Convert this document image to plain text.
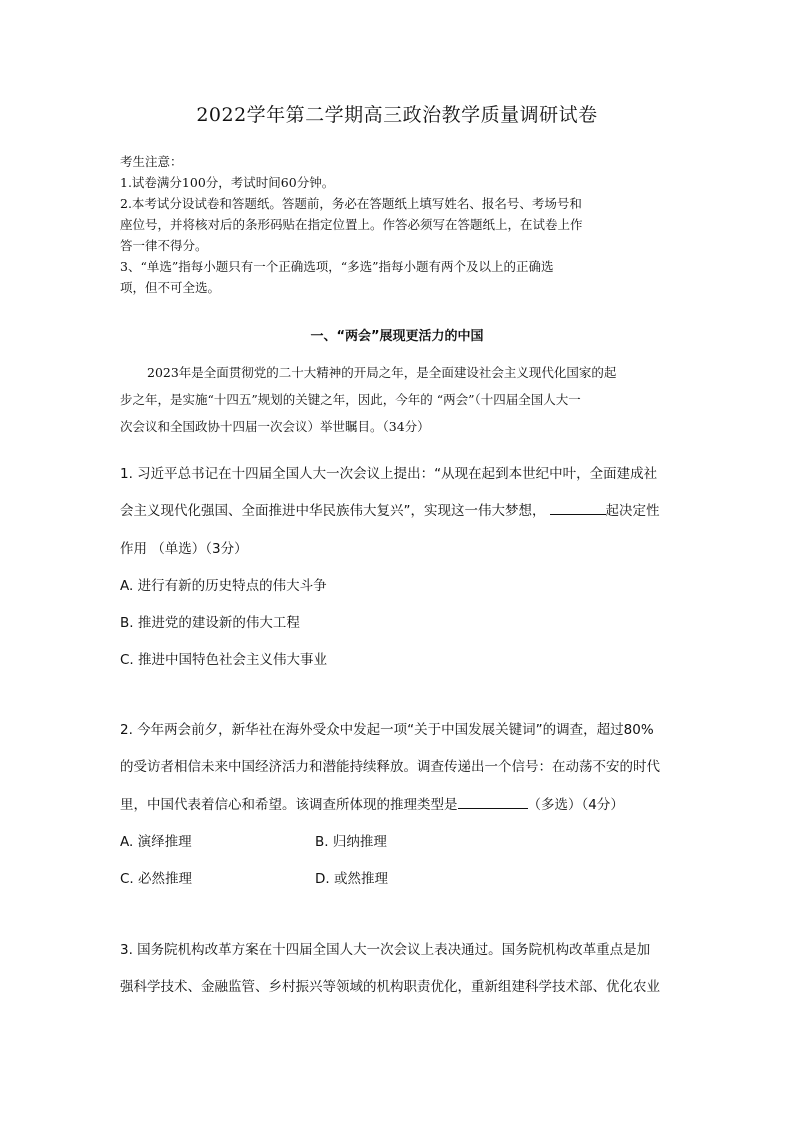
2022学年第二学期高三政治教学质量调研试卷
考生注意：
1.试卷满分100分，考试时间60分钟。
2.本考试分设试卷和答题纸。答题前，务必在答题纸上填写姓名、报名号、考场号和
座位号，并将核对后的条形码贴在指定位置上。作答必须写在答题纸上，在试卷上作
答一律不得分。
3、“单选”指每小题只有一个正确选项，“多选”指每小题有两个及以上的正确选
项，但不可全选。
一、“两会”展现更活力的中国
2023年是全面贯彻党的二十大精神的开局之年，是全面建设社会主义现代化国家的起
步之年，是实施“十四五”规划的关键之年，因此，今年的 “两会”（十四届全国人大一
次会议和全国政协十四届一次会议）举世瞩目。（34分）
1. 习近平总书记在十四届全国人大一次会议上提出：“从现在起到本世纪中叶，全面建成社
会主义现代化强国、全面推进中华民族伟大复兴”，实现这一伟大梦想，	起决定性
作用 （单选）（3分）
A. 进行有新的历史特点的伟大斗争
B. 推进党的建设新的伟大工程
C. 推进中国特色社会主义伟大事业
2. 今年两会前夕，新华社在海外受众中发起一项“关于中国发展关键词”的调查，超过80%
的受访者相信未来中国经济活力和潜能持续释放。调查传递出一个信号：在动荡不安的时代
里，中国代表着信心和希望。该调查所体现的推理类型是	（多选）（4分）
A. 演绎推理	B. 归纳推理
C. 必然推理	D. 或然推理
3. 国务院机构改革方案在十四届全国人大一次会议上表决通过。国务院机构改革重点是加
强科学技术、金融监管、乡村振兴等领域的机构职责优化，重新组建科学技术部、优化农业
